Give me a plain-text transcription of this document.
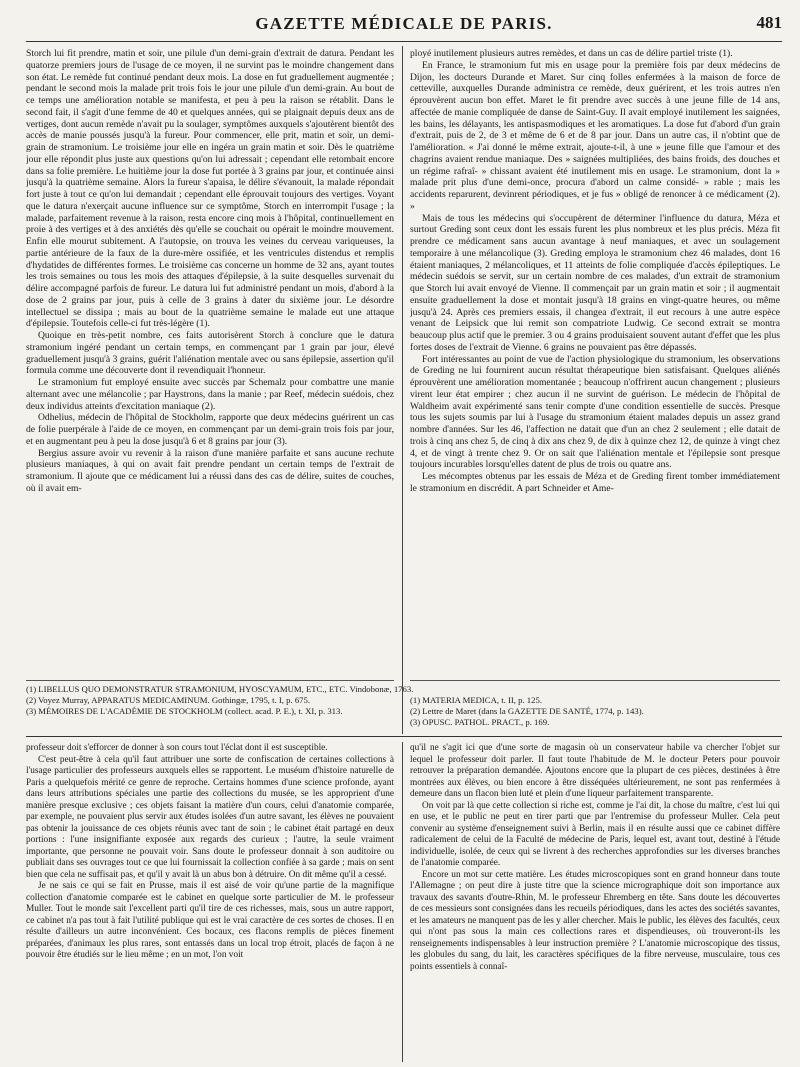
GAZETTE MÉDICALE DE PARIS.	481

Storch lui fit prendre, matin et soir, une pilule d'un demi-grain d'extrait de datura. Pendant les quatorze premiers jours de l'usage de ce moyen, il ne survint pas le moindre changement dans son état. Le remède fut continué pendant deux mois. La dose en fut graduellement augmentée ; pendant le second mois la malade prit trois fois le jour une pilule d'un demi-grain. Au bout de ce temps une amélioration notable se manifesta, et peu à peu la raison se rétablit. Dans le second fait, il s'agit d'une femme de 40 et quelques années, qui se plaignait depuis deux ans de vertiges, dont aucun remède n'avait pu la soulager, symptômes auxquels s'ajoutèrent bientôt des accès de manie poussés jusqu'à la fureur. Pour commencer, elle prit, matin et soir, un demi-grain de stramonium. Le troisième jour elle en ingéra un grain matin et soir. Dès le quatrième jour elle répondit plus juste aux questions qu'on lui adressait ; cependant elle retombait encore dans sa folie première. Le huitième jour la dose fut portée à 3 grains par jour, et continuée ainsi jusqu'à la quatrième semaine. Alors la fureur s'apaisa, le délire s'évanouit, la malade répondait fort juste à tout ce qu'on lui demandait ; cependant elle éprouvait toujours des vertiges. Voyant que le datura n'exerçait aucune influence sur ce symptôme, Storch en interrompit l'usage ; la malade, parfaitement revenue à la raison, resta encore cinq mois à l'hôpital, continuellement en proie à des vertiges et à des anxiétés dès qu'elle se couchait ou opérait le moindre mouvement. Enfin elle mourut subitement. A l'autopsie, on trouva les veines du cerveau variqueuses, la partie antérieure de la faux de la dure-mère ossifiée, et les ventricules distendus et remplis d'hydatides de différentes formes. Le troisième cas concerne un homme de 32 ans, ayant toutes les trois semaines ou tous les mois des attaques d'épilepsie, à la suite desquelles survenait du délire accompagné parfois de fureur. Le datura lui fut administré pendant un mois, d'abord à la dose de 2 grains par jour, puis à celle de 3 grains à dater du sixième jour. Le désordre intellectuel se dissipa ; mais au bout de la quatrième semaine le malade eut une attaque d'épilepsie. Toutefois celle-ci fut très-légère (1).

Quoique en très-petit nombre, ces faits autorisèrent Storch à conclure que le datura stramonium ingéré pendant un certain temps, en commençant par 1 grain par jour, élevé graduellement jusqu'à 3 grains, guérit l'aliénation mentale avec ou sans épilepsie, assertion qu'il formula comme une découverte dont il revendiquait l'honneur.

Le stramonium fut employé ensuite avec succès par Schemalz pour combattre une manie alternant avec une mélancolie ; par Haystrons, dans la manie ; par Reef, médecin suédois, chez deux individus atteints d'excitation maniaque (2).

Odhelius, médecin de l'hôpital de Stockholm, rapporte que deux médecins guérirent un cas de folie puerpérale à l'aide de ce moyen, en commençant par un demi-grain trois fois par jour, et en augmentant peu à peu la dose jusqu'à 6 et 8 grains par jour (3).

Bergius assure avoir vu revenir à la raison d'une manière parfaite et sans aucune rechute plusieurs maniaques, à qui on avait fait prendre pendant un certain temps de l'extrait de stramonium. Il ajoute que ce médicament lui a réussi dans des cas de délire, suites de couches, où il avait em-

ployé inutilement plusieurs autres remèdes, et dans un cas de délire partiel triste (1).

En France, le stramonium fut mis en usage pour la première fois par deux médecins de Dijon, les docteurs Durande et Maret. Sur cinq folles enfermées à la maison de force de cetteville, auxquelles Durande administra ce remède, deux guérirent, et les trois autres n'en éprouvèrent aucun bon effet. Maret le fit prendre avec succès à une jeune fille de 14 ans, affectée de manie compliquée de danse de Saint-Guy. Il avait employé inutilement les saignées, les bains, les délayants, les antispasmodiques et les aromatiques. La dose fut d'abord d'un grain d'extrait, puis de 2, de 3 et même de 6 et de 8 par jour. Dans un autre cas, il n'obtint que de l'amélioration. « J'ai donné le même extrait, ajoute-t-il, à une » jeune fille que l'amour et des chagrins avaient rendue maniaque. Des » saignées multipliées, des bains froids, des douches et un régime rafraî- » chissant avaient été inutilement mis en usage. Le stramonium, dont la » malade prit plus d'une demi-once, procura d'abord un calme considé- » rable ; mais les accidents reparurent, devinrent périodiques, et je fus » obligé de renoncer à ce médicament (2). »

Mais de tous les médecins qui s'occupèrent de déterminer l'influence du datura, Méza et surtout Greding sont ceux dont les essais furent les plus nombreux et les plus précis. Méza fit prendre ce médicament sans aucun avantage à neuf maniaques, et avec un soulagement temporaire à une mélancolique (3). Greding employa le stramonium chez 46 malades, dont 16 étaient maniaques, 2 mélancoliques, et 11 atteints de folie compliquée d'accès épileptiques. Le médecin suédois se servit, sur un certain nombre de ces malades, d'un extrait de stramonium que Storch lui avait envoyé de Vienne. Il commençait par un grain matin et soir ; il augmentait ensuite graduellement la dose et montait jusqu'à 18 grains en vingt-quatre heures, ou même jusqu'à 24. Après ces premiers essais, il changea d'extrait, il eut recours à une autre espèce venant de Leipsick que lui remit son compatriote Ludwig. Ce second extrait se montra beaucoup plus actif que le premier. 3 ou 4 grains produisaient souvent autant d'effet que les plus fortes doses de l'extrait de Vienne. 6 grains ne pouvaient pas être dépassés.

Fort intéressantes au point de vue de l'action physiologique du stramonium, les observations de Greding ne lui fournirent aucun résultat thérapeutique bien satisfaisant. Quelques aliénés éprouvèrent une amélioration momentanée ; beaucoup n'offrirent aucun changement ; plusieurs virent leur état empirer ; chez aucun il ne survint de guérison. Le médecin de l'hôpital de Waldheim avait expérimenté sans tenir compte d'une condition essentielle de succès. Presque tous les sujets soumis par lui à l'usage du stramonium étaient malades depuis un assez grand nombre d'années. Sur les 46, l'affection ne datait que d'un an chez 2 seulement ; elle datait de trois à cinq ans chez 5, de cinq à dix ans chez 9, de dix à quinze chez 12, de quinze à vingt chez 4, et de vingt à trente chez 9. Or on sait que l'aliénation mentale et l'épilepsie sont presque toujours incurables lorsqu'elles datent de plus de trois ou quatre ans.

Les mécomptes obtenus par les essais de Méza et de Greding firent tomber immédiatement le stramonium en discrédit. A part Schneider et Ame-

(1) LIBELLUS QUO DEMONSTRATUR STRAMONIUM, HYOSCYAMUM, ETC., ETC. Vindobonæ, 1763.
(2) Voyez Murray, APPARATUS MEDICAMINUM. Gothingæ, 1795, t. I, p. 675.
(3) MÉMOIRES DE L'ACADÉMIE DE STOCKHOLM (collect. acad. P. E.), t. XI, p. 313.
(1) MATERIA MEDICA, t. II, p. 125.
(2) Lettre de Maret (dans la GAZETTE DE SANTÉ, 1774, p. 143).
(3) OPUSC. PATHOL. PRACT., p. 169.

professeur doit s'efforcer de donner à son cours tout l'éclat dont il est susceptible.

C'est peut-être à cela qu'il faut attribuer une sorte de confiscation de certaines collections à l'usage particulier des professeurs auxquels elles se rapportent. Le muséum d'histoire naturelle de Paris a quelquefois mérité ce genre de reproche. Certains hommes d'une science profonde, ayant dans leurs attributions spéciales une partie des collections du musée, se les approprient d'une manière presque exclusive ; ces objets faisant la matière d'un cours, celui d'anatomie comparée, par exemple, ne pouvaient plus servir aux études isolées d'un autre savant, les élèves ne pouvaient pas obtenir la jouissance de ces objets réunis avec tant de soin ; le cabinet était partagé en deux portions : l'une insignifiante exposée aux regards des curieux ; l'autre, la seule vraiment importante, que personne ne pouvait voir. Sans doute le professeur donnait à son auditoire ou publiait dans ses ouvrages tout ce que lui fournissait la collection confiée à sa garde ; mais on sent bien que cela ne suffisait pas, et qu'il y avait là un abus bon à détruire. On dit même qu'il a cessé.

Je ne sais ce qui se fait en Prusse, mais il est aisé de voir qu'une partie de la magnifique collection d'anatomie comparée est le cabinet en quelque sorte particulier de M. le professeur Muller. Tout le monde sait l'excellent parti qu'il tire de ces richesses, mais, sous un autre rapport, ce cabinet n'a pas tout à fait l'utilité publique qui est le vrai caractère de ces sortes de choses. Il en résulte d'ailleurs un autre inconvénient. Ces bocaux, ces flacons remplis de pièces finement préparées, d'animaux les plus rares, sont entassés dans un local trop étroit, placés de façon à ne pouvoir être étudiés sur le lieu même ; en un mot, l'on voit

qu'il ne s'agit ici que d'une sorte de magasin où un conservateur habile va chercher l'objet sur lequel le professeur doit parler. Il faut toute l'habitude de M. le docteur Peters pour pouvoir retrouver la préparation demandée. Ajoutons encore que la plupart de ces pièces, destinées à être montrées aux élèves, ou bien encore à être disséquées ultérieurement, ne sont pas renfermées à demeure dans un flacon bien luté et plein d'une liqueur parfaitement transparente.

On voit par là que cette collection si riche est, comme je l'ai dit, la chose du maître, c'est lui qui en use, et le public ne peut en tirer parti que par l'entremise du professeur Muller. Cela peut convenir au système d'enseignement suivi à Berlin, mais il en résulte aussi que ce cabinet diffère radicalement de celui de la Faculté de médecine de Paris, lequel est, avant tout, destiné à l'étude individuelle, isolée, de ceux qui se livrent à des recherches approfondies sur les diverses branches de l'anatomie comparée.

Encore un mot sur cette matière. Les études microscopiques sont en grand honneur dans toute l'Allemagne ; on peut dire à juste titre que la science micrographique doit son importance aux travaux des savants d'outre-Rhin, M. le professeur Ehremberg en tête. Sans doute les découvertes de ces messieurs sont consignées dans les recueils périodiques, dans les actes des sociétés savantes, et les amateurs ne manquent pas de les y aller chercher. Mais le public, les élèves des facultés, ceux qui n'ont pas sous la main ces collections rares et dispendieuses, où trouveront-ils les renseignements indispensables à leur instruction première ? L'anatomie microscopique des tissus, les globules du sang, du lait, les caractères spécifiques de la fibre nerveuse, musculaire, tous ces points essentiels à connaî-
